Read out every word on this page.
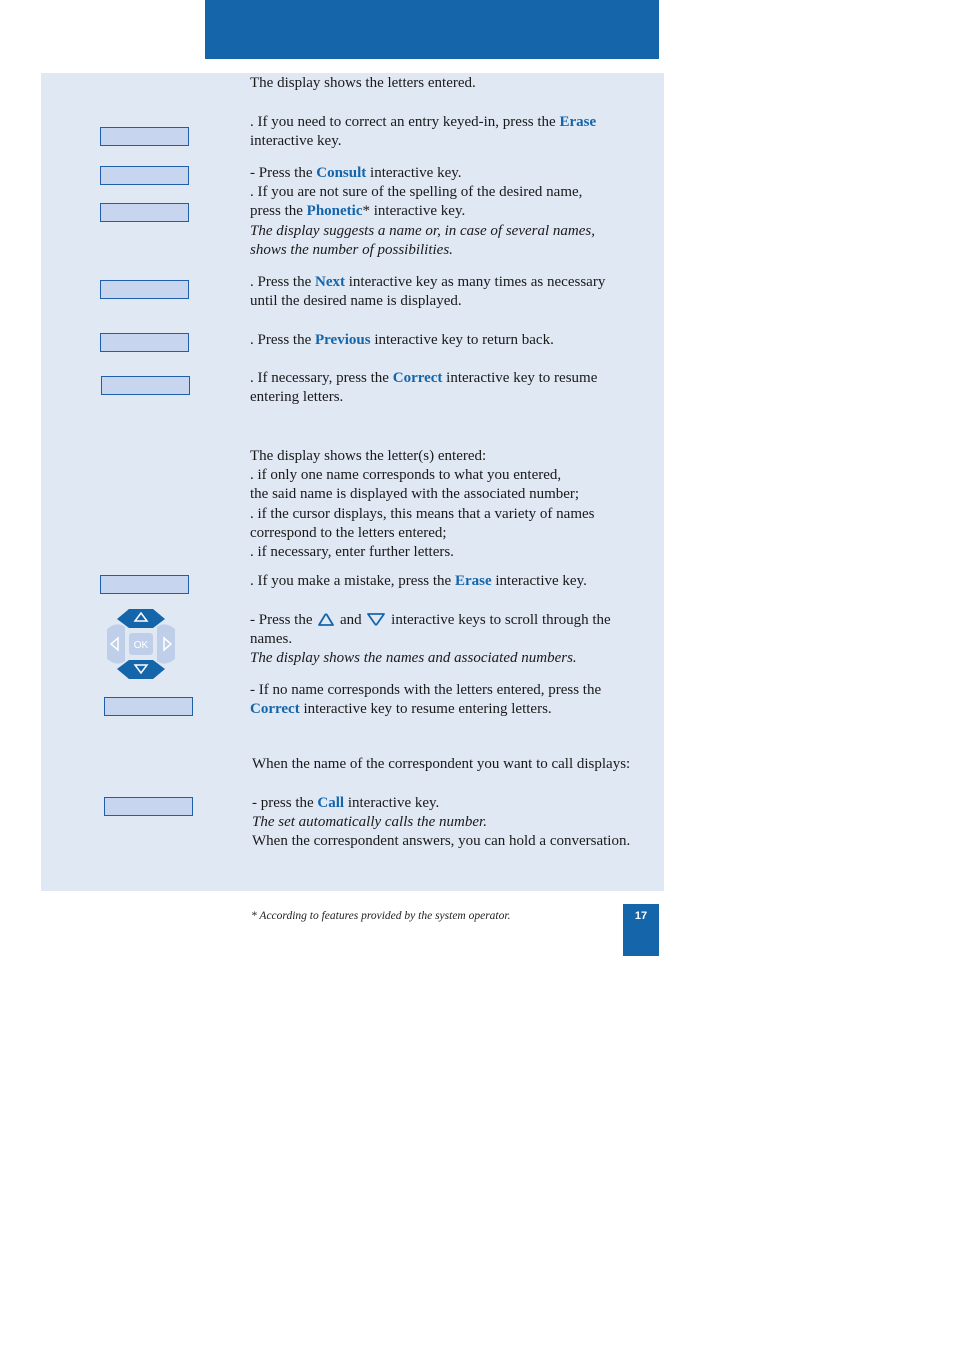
OK
The display shows the letters entered.
. If you need to correct an entry keyed-in, press the Erase
interactive key.
- Press the Consult interactive key.
. If you are not sure of the spelling of the desired name,
press the Phonetic* interactive key.
The display suggests a name or, in case of several names,
shows the number of possibilities.
. Press the Next interactive key as many times as necessary
until the desired name is displayed.
. Press the Previous interactive key to return back.
. If necessary, press the Correct interactive key to resume
entering letters.
The display shows the letter(s) entered:
. if only one name corresponds to what you entered,
the said name is displayed with the associated number;
. if the cursor displays, this means that a variety of names
correspond to the letters entered;
. if necessary, enter further letters.
. If you make a mistake, press the Erase interactive key.
- Press the  and  interactive keys to scroll through the
names.
The display shows the names and associated numbers.
- If no name corresponds with the letters entered, press the
Correct interactive key to resume entering letters.
When the name of the correspondent you want to call displays:
- press the Call interactive key.
The set automatically calls the number.
When the correspondent answers, you can hold a conversation.
* According to features provided by the system operator.	17
